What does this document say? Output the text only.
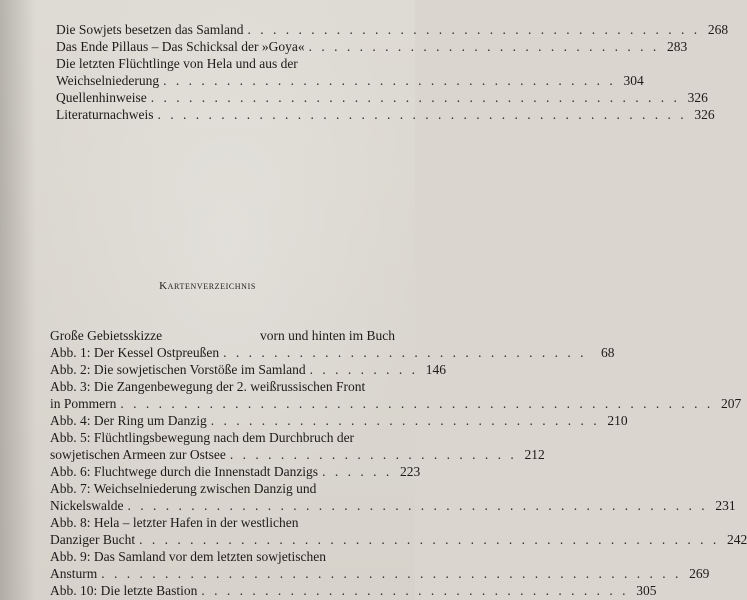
Die Sowjets besetzen das Samland . . . . . . . . . . . . . . . . . . . . . . . . . . . . . . . . . . . . 268
Das Ende Pillaus – Das Schicksal der »Goya« . . . . . . . . . . . . . . . . . . . . . . . . . . . . 283
Die letzten Flüchtlinge von Hela und aus der
Weichselniederung . . . . . . . . . . . . . . . . . . . . . . . . . . . . . . . . . . . . 304
Quellenhinweise . . . . . . . . . . . . . . . . . . . . . . . . . . . . . . . . . . . . . . . . . . 326
Literaturnachweis . . . . . . . . . . . . . . . . . . . . . . . . . . . . . . . . . . . . . . . . . . 326
Kartenverzeichnis
Große Gebietsskizze	vorn und hinten im Buch
Abb. 1: Der Kessel Ostpreußen . . . . . . . . . . . . . . . . . . . . . . . . . . . . .	68
Abb. 2: Die sowjetischen Vorstöße im Samland . . . . . . . . . 146
Abb. 3: Die Zangenbewegung der 2. weißrussischen Front
in Pommern . . . . . . . . . . . . . . . . . . . . . . . . . . . . . . . . . . . . . . . . . . . . . . . 207
Abb. 4: Der Ring um Danzig . . . . . . . . . . . . . . . . . . . . . . . . . . . . . . . 210
Abb. 5: Flüchtlingsbewegung nach dem Durchbruch der
sowjetischen Armeen zur Ostsee . . . . . . . . . . . . . . . . . . . . . . . 212
Abb. 6: Fluchtwege durch die Innenstadt Danzigs . . . . . . 223
Abb. 7: Weichselniederung zwischen Danzig und
Nickelswalde . . . . . . . . . . . . . . . . . . . . . . . . . . . . . . . . . . . . . . . . . . . . . . 231
Abb. 8: Hela – letzter Hafen in der westlichen
Danziger Bucht . . . . . . . . . . . . . . . . . . . . . . . . . . . . . . . . . . . . . . . . . . . . . . 242
Abb. 9: Das Samland vor dem letzten sowjetischen
Ansturm . . . . . . . . . . . . . . . . . . . . . . . . . . . . . . . . . . . . . . . . . . . . . . 269
Abb. 10: Die letzte Bastion . . . . . . . . . . . . . . . . . . . . . . . . . . . . . . . . . . 305
